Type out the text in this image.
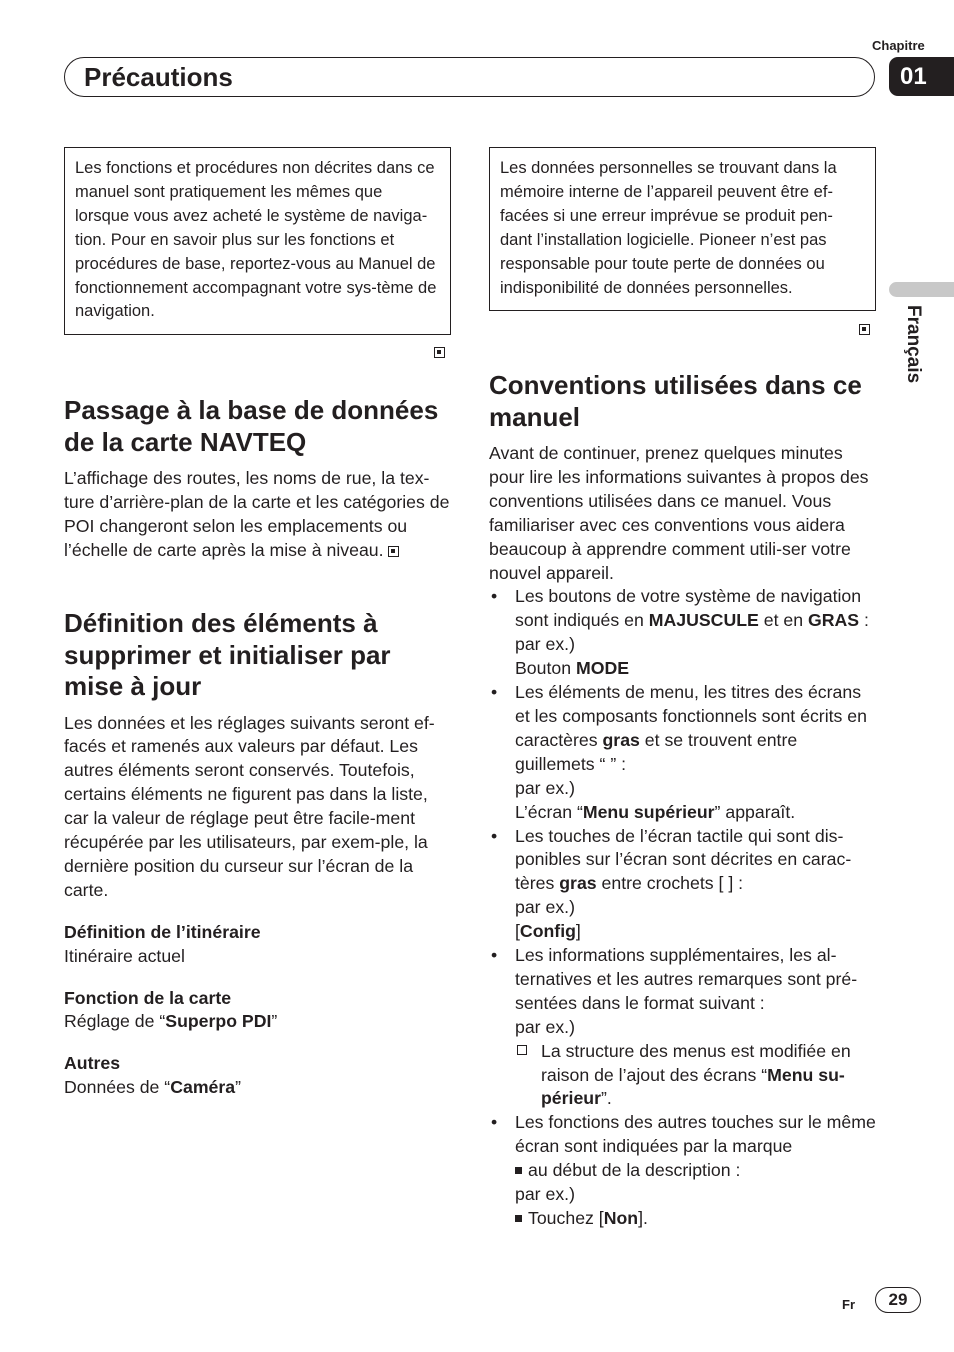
Chapitre
01
Précautions
Français
Les fonctions et procédures non décrites dans ce manuel sont pratiquement les mêmes que lorsque vous avez acheté le système de naviga-tion. Pour en savoir plus sur les fonctions et procédures de base, reportez-vous au Manuel de fonctionnement accompagnant votre sys-tème de navigation.
Passage à la base de données de la carte NAVTEQ

L’affichage des routes, les noms de rue, la tex-ture d’arrière-plan de la carte et les catégories de POI changeront selon les emplacements ou l’échelle de carte après la mise à niveau.

Définition des éléments à supprimer et initialiser par mise à jour

Les données et les réglages suivants seront ef-facés et ramenés aux valeurs par défaut. Les autres éléments seront conservés. Toutefois, certains éléments ne figurent pas dans la liste, car la valeur de réglage peut être facile-ment récupérée par les utilisateurs, par exem-ple, la dernière position du curseur sur l’écran de la carte.

Définition de l’itinéraire

Itinéraire actuel

Fonction de la carte

Réglage de “Superpo PDI”

Autres

Données de “Caméra”

Les données personnelles se trouvant dans la mémoire interne de l’appareil peuvent être ef-facées si une erreur imprévue se produit pen-dant l’installation logicielle. Pioneer n’est pas responsable pour toute perte de données ou indisponibilité de données personnelles.
Conventions utilisées dans ce manuel

Avant de continuer, prenez quelques minutes pour lire les informations suivantes à propos des conventions utilisées dans ce manuel. Vous familiariser avec ces conventions vous aidera beaucoup à apprendre comment utili-ser votre nouvel appareil.

• Les boutons de votre système de navigation sont indiqués en MAJUSCULE et en GRAS :
par ex.)
Bouton MODE
• Les éléments de menu, les titres des écrans et les composants fonctionnels sont écrits en caractères gras et se trouvent entre guillemets “ ” :
par ex.)
L’écran “Menu supérieur” apparaît.
• Les touches de l’écran tactile qui sont dis-ponibles sur l’écran sont décrites en carac-tères gras entre crochets [ ] :
par ex.)
[Config]
• Les informations supplémentaires, les al-ternatives et les autres remarques sont pré-sentées dans le format suivant :
par ex.)
La structure des menus est modifiée en raison de l’ajout des écrans “Menu su-périeur”.
• Les fonctions des autres touches sur le même écran sont indiquées par la marque
au début de la description :
par ex.)
Touchez [Non].
Fr	29
